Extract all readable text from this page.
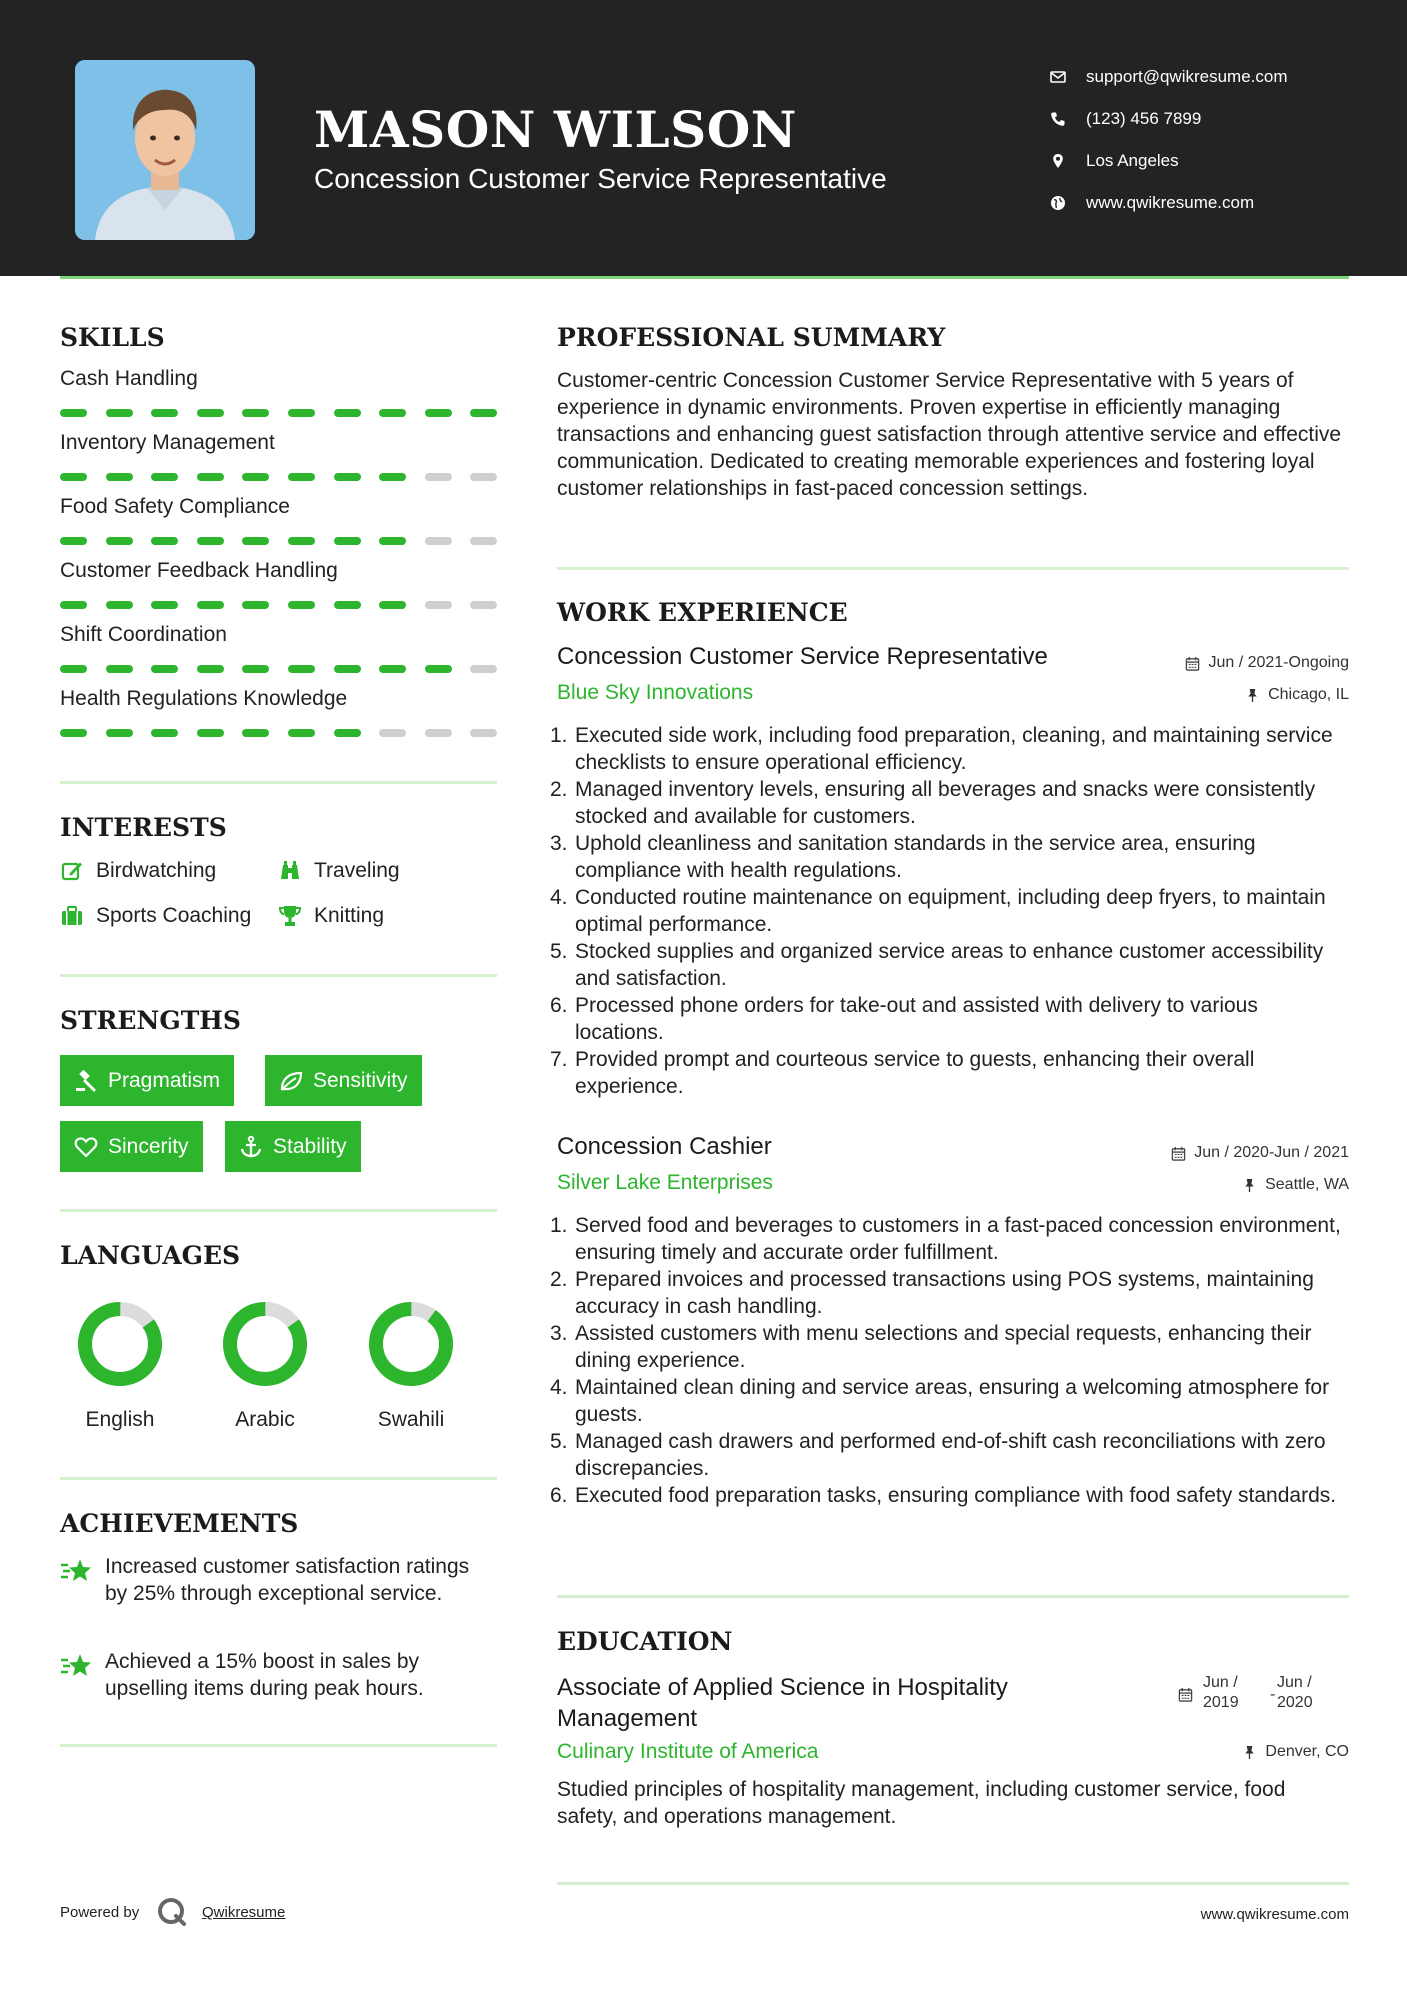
MASON WILSON
Concession Customer Service Representative
support@qwikresume.com
(123) 456 7899
Los Angeles
www.qwikresume.com
SKILLS
Cash Handling
Inventory Management
Food Safety Compliance
Customer Feedback Handling
Shift Coordination
Health Regulations Knowledge
INTERESTS
Birdwatching	Traveling
Sports Coaching	Knitting
STRENGTHS
Pragmatism	Sensitivity
Sincerity	Stability
LANGUAGES
English	Arabic	Swahili
ACHIEVEMENTS
Increased customer satisfaction ratings by 25% through exceptional service.
Achieved a 15% boost in sales by upselling items during peak hours.
PROFESSIONAL SUMMARY
Customer-centric Concession Customer Service Representative with 5 years of experience in dynamic environments. Proven expertise in efficiently managing transactions and enhancing guest satisfaction through attentive service and effective communication. Dedicated to creating memorable experiences and fostering loyal customer relationships in fast-paced concession settings.
WORK EXPERIENCE
Concession Customer Service Representative	Jun / 2021-Ongoing
Blue Sky Innovations	Chicago, IL
1. Executed side work, including food preparation, cleaning, and maintaining service checklists to ensure operational efficiency.
2. Managed inventory levels, ensuring all beverages and snacks were consistently stocked and available for customers.
3. Uphold cleanliness and sanitation standards in the service area, ensuring compliance with health regulations.
4. Conducted routine maintenance on equipment, including deep fryers, to maintain optimal performance.
5. Stocked supplies and organized service areas to enhance customer accessibility and satisfaction.
6. Processed phone orders for take-out and assisted with delivery to various locations.
7. Provided prompt and courteous service to guests, enhancing their overall experience.
Concession Cashier	Jun / 2020-Jun / 2021
Silver Lake Enterprises	Seattle, WA
1. Served food and beverages to customers in a fast-paced concession environment, ensuring timely and accurate order fulfillment.
2. Prepared invoices and processed transactions using POS systems, maintaining accuracy in cash handling.
3. Assisted customers with menu selections and special requests, enhancing their dining experience.
4. Maintained clean dining and service areas, ensuring a welcoming atmosphere for guests.
5. Managed cash drawers and performed end-of-shift cash reconciliations with zero discrepancies.
6. Executed food preparation tasks, ensuring compliance with food safety standards.
EDUCATION
Associate of Applied Science in Hospitality Management
Jun /
2019 -
Jun /
2020
Culinary Institute of America	Denver, CO
Studied principles of hospitality management, including customer service, food safety, and operations management.
Powered by	Qwikresume	www.qwikresume.com
